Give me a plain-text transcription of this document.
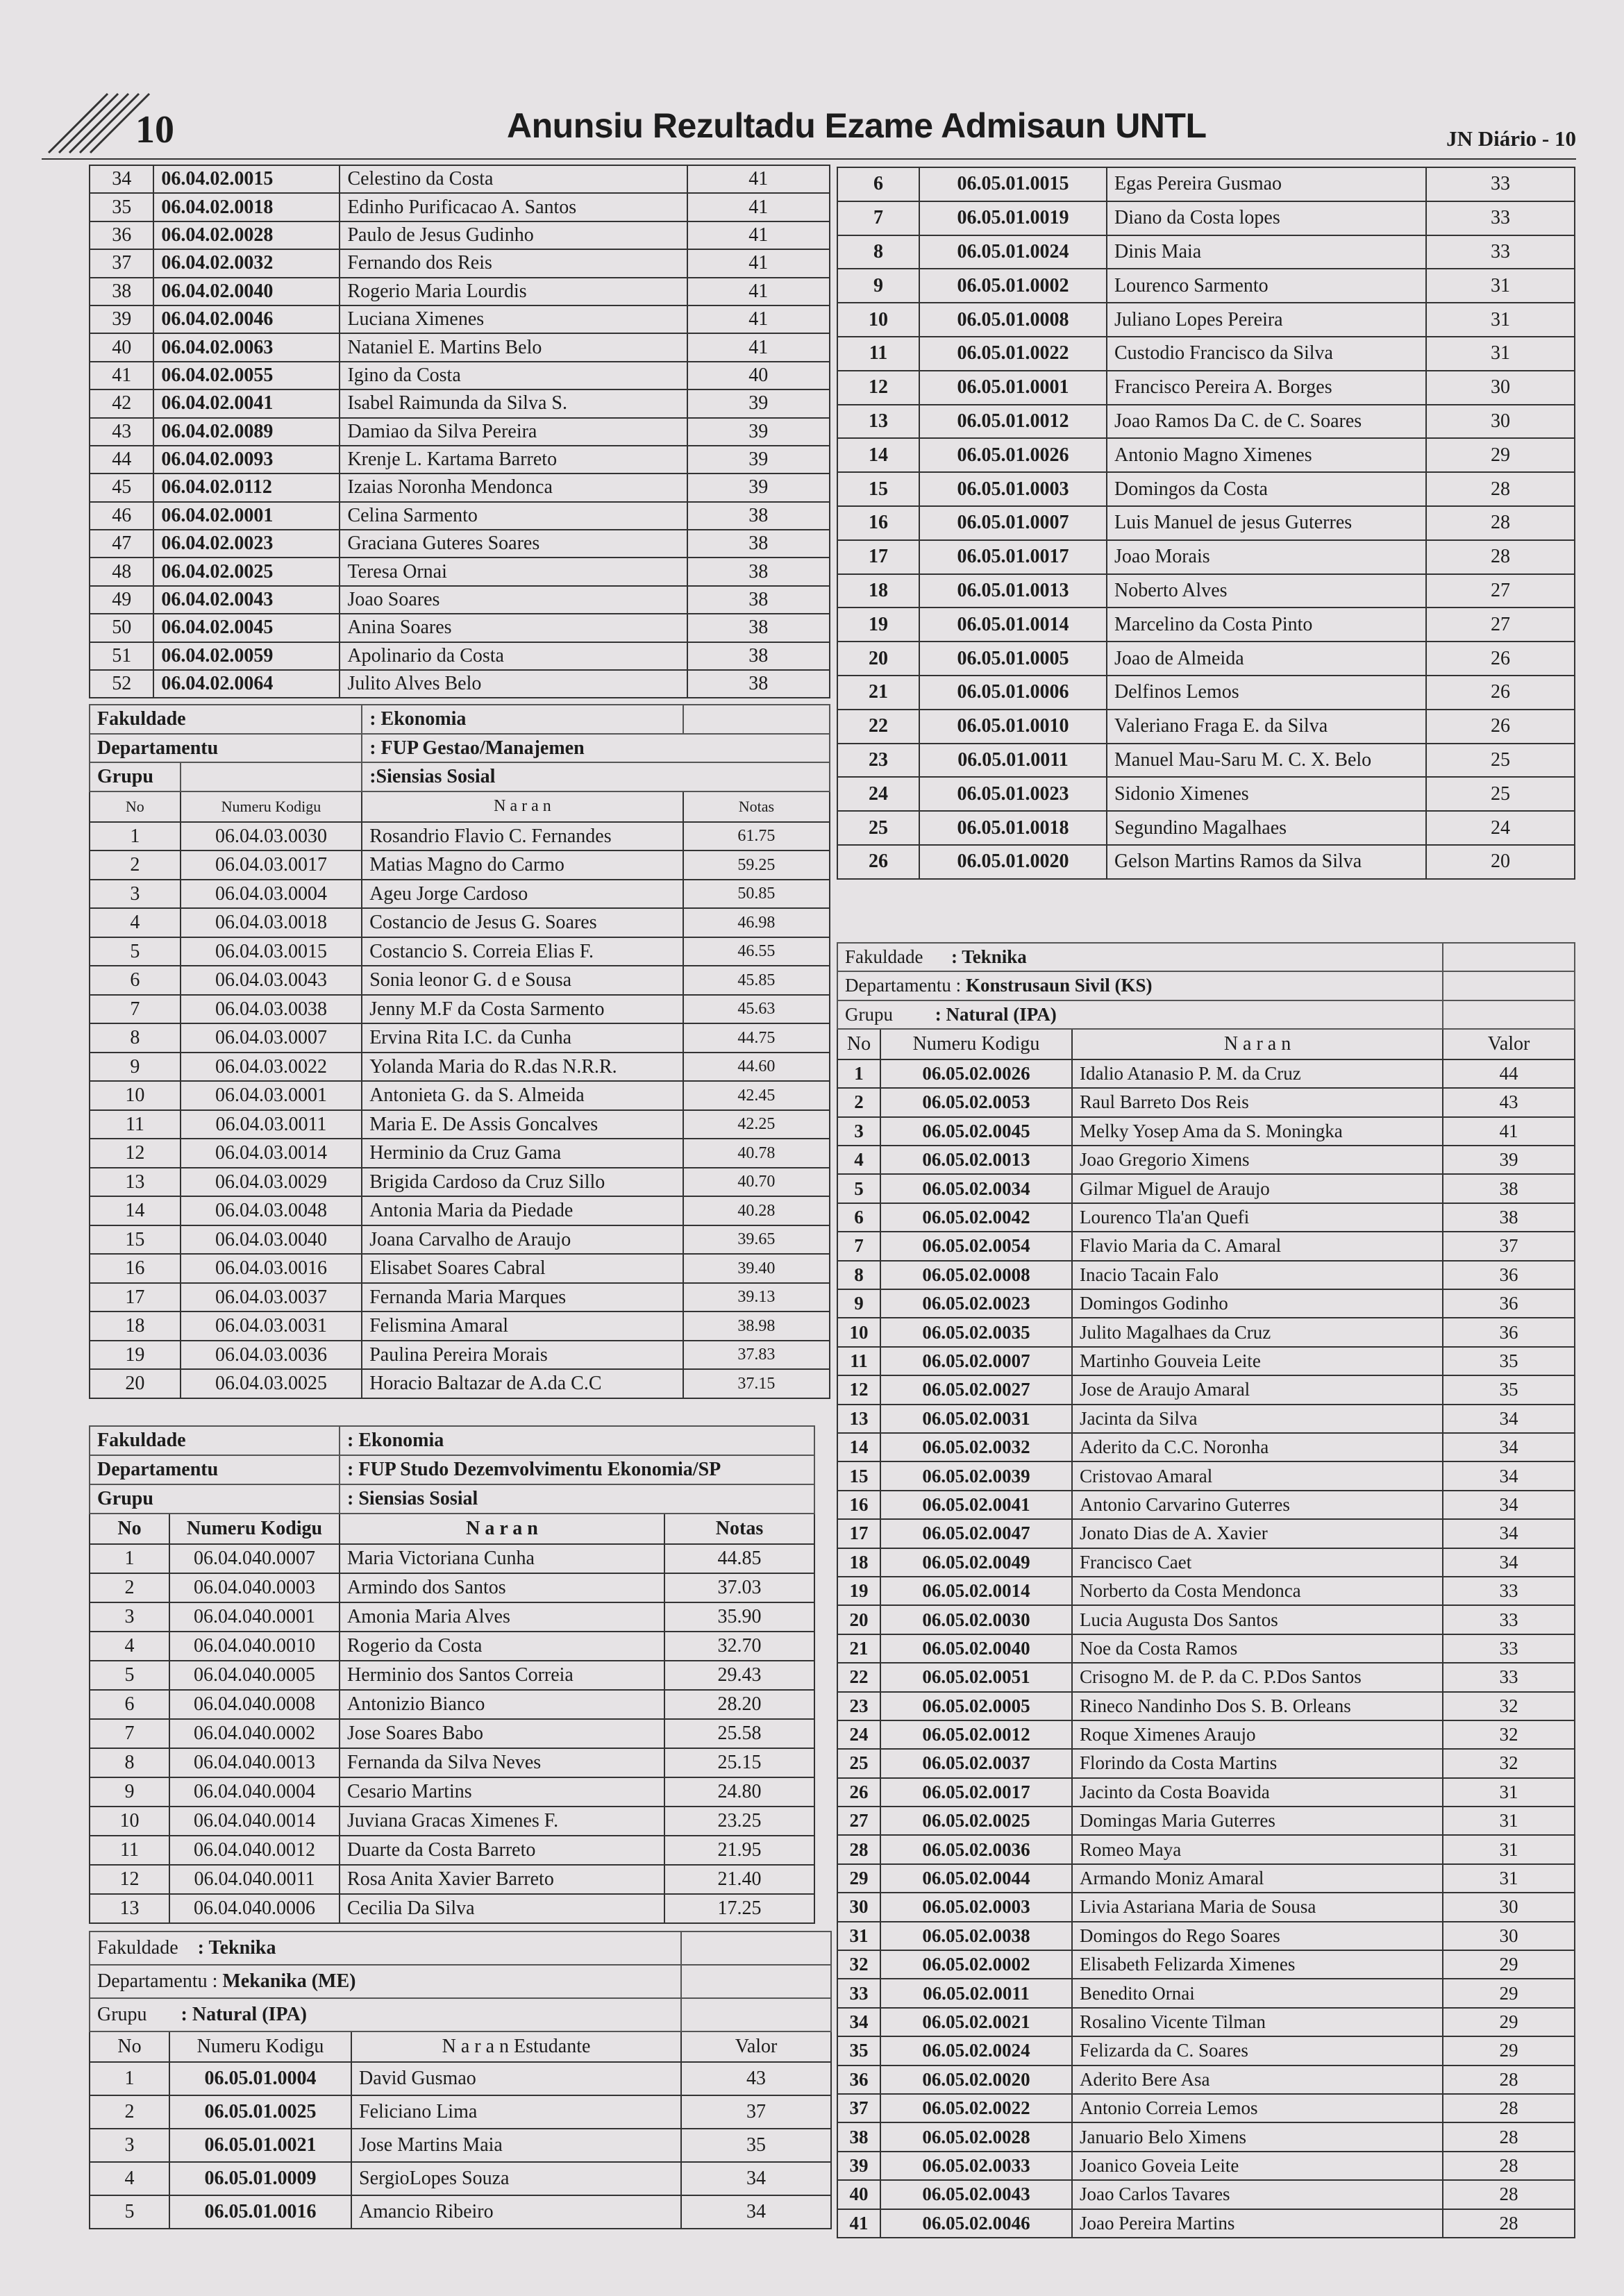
10	Anunsiu Rezultadu Ezame Admisaun UNTL	JN Diário - 10
34	06.04.02.0015	Celestino da Costa	41
35	06.04.02.0018	Edinho Purificacao A. Santos	41
36	06.04.02.0028	Paulo de Jesus Gudinho	41
37	06.04.02.0032	Fernando dos Reis	41
38	06.04.02.0040	Rogerio Maria Lourdis	41
39	06.04.02.0046	Luciana Ximenes	41
40	06.04.02.0063	Nataniel E. Martins Belo	41
41	06.04.02.0055	Igino da Costa	40
42	06.04.02.0041	Isabel Raimunda da Silva S.	39
43	06.04.02.0089	Damiao da Silva Pereira	39
44	06.04.02.0093	Krenje L. Kartama Barreto	39
45	06.04.02.0112	Izaias Noronha Mendonca	39
46	06.04.02.0001	Celina Sarmento	38
47	06.04.02.0023	Graciana Guteres Soares	38
48	06.04.02.0025	Teresa Ornai	38
49	06.04.02.0043	Joao Soares	38
50	06.04.02.0045	Anina Soares	38
51	06.04.02.0059	Apolinario da Costa	38
52	06.04.02.0064	Julito Alves Belo	38
Fakuldade		: Ekonomia	
Departamentu		: FUP Gestao/Manajemen	
Grupu		:Siensias Sosial	
No	Numeru Kodigu	N a r a n	Notas
1	06.04.03.0030	Rosandrio Flavio C. Fernandes	61.75
2	06.04.03.0017	Matias Magno do Carmo	59.25
3	06.04.03.0004	Ageu Jorge Cardoso	50.85
4	06.04.03.0018	Costancio de Jesus G. Soares	46.98
5	06.04.03.0015	Costancio S. Correia Elias F.	46.55
6	06.04.03.0043	Sonia leonor G. d e Sousa	45.85
7	06.04.03.0038	Jenny M.F da Costa Sarmento	45.63
8	06.04.03.0007	Ervina Rita I.C. da Cunha	44.75
9	06.04.03.0022	Yolanda Maria do R.das N.R.R.	44.60
10	06.04.03.0001	Antonieta G. da S. Almeida	42.45
11	06.04.03.0011	Maria E. De Assis Goncalves	42.25
12	06.04.03.0014	Herminio da Cruz Gama	40.78
13	06.04.03.0029	Brigida Cardoso da Cruz Sillo	40.70
14	06.04.03.0048	Antonia Maria da Piedade	40.28
15	06.04.03.0040	Joana Carvalho de Araujo	39.65
16	06.04.03.0016	Elisabet Soares Cabral	39.40
17	06.04.03.0037	Fernanda Maria Marques	39.13
18	06.04.03.0031	Felismina Amaral	38.98
19	06.04.03.0036	Paulina Pereira Morais	37.83
20	06.04.03.0025	Horacio Baltazar de A.da C.C	37.15
Fakuldade		: Ekonomia	
Departamentu		: FUP Studo Dezemvolvimentu Ekonomia/SP	
Grupu		: Siensias Sosial	
No	Numeru Kodigu	N a r a n	Notas
1	06.04.040.0007	Maria Victoriana Cunha	44.85
2	06.04.040.0003	Armindo dos Santos	37.03
3	06.04.040.0001	Amonia Maria Alves	35.90
4	06.04.040.0010	Rogerio da Costa	32.70
5	06.04.040.0005	Herminio dos Santos Correia	29.43
6	06.04.040.0008	Antonizio Bianco	28.20
7	06.04.040.0002	Jose Soares Babo	25.58
8	06.04.040.0013	Fernanda da Silva Neves	25.15
9	06.04.040.0004	Cesario Martins	24.80
10	06.04.040.0014	Juviana Gracas Ximenes F.	23.25
11	06.04.040.0012	Duarte da Costa Barreto	21.95
12	06.04.040.0011	Rosa Anita Xavier Barreto	21.40
13	06.04.040.0006	Cecilia Da Silva	17.25
Fakuldade : Teknika			
Departamentu : Mekanika (ME)			
Grupu : Natural (IPA)			
No	Numeru Kodigu	N a r a n Estudante	Valor
1	06.05.01.0004	David Gusmao	43
2	06.05.01.0025	Feliciano Lima	37
3	06.05.01.0021	Jose Martins Maia	35
4	06.05.01.0009	SergioLopes Souza	34
5	06.05.01.0016	Amancio Ribeiro	34
6	06.05.01.0015	Egas Pereira Gusmao	33
7	06.05.01.0019	Diano da Costa lopes	33
8	06.05.01.0024	Dinis Maia	33
9	06.05.01.0002	Lourenco Sarmento	31
10	06.05.01.0008	Juliano Lopes Pereira	31
11	06.05.01.0022	Custodio Francisco da Silva	31
12	06.05.01.0001	Francisco Pereira A. Borges	30
13	06.05.01.0012	Joao Ramos Da C. de C. Soares	30
14	06.05.01.0026	Antonio Magno Ximenes	29
15	06.05.01.0003	Domingos da Costa	28
16	06.05.01.0007	Luis Manuel de jesus Guterres	28
17	06.05.01.0017	Joao Morais	28
18	06.05.01.0013	Noberto Alves	27
19	06.05.01.0014	Marcelino da Costa Pinto	27
20	06.05.01.0005	Joao de Almeida	26
21	06.05.01.0006	Delfinos Lemos	26
22	06.05.01.0010	Valeriano Fraga E. da Silva	26
23	06.05.01.0011	Manuel Mau-Saru M. C. X. Belo	25
24	06.05.01.0023	Sidonio Ximenes	25
25	06.05.01.0018	Segundino Magalhaes	24
26	06.05.01.0020	Gelson Martins Ramos da Silva	20
Fakuldade : Teknika			
Departamentu : Konstrusaun Sivil (KS)			
Grupu : Natural (IPA)			
No	Numeru Kodigu	N a r a n	Valor
1	06.05.02.0026	Idalio Atanasio P. M. da Cruz	44
2	06.05.02.0053	Raul Barreto Dos Reis	43
3	06.05.02.0045	Melky Yosep Ama da S. Moningka	41
4	06.05.02.0013	Joao Gregorio Ximens	39
5	06.05.02.0034	Gilmar Miguel de Araujo	38
6	06.05.02.0042	Lourenco Tla'an Quefi	38
7	06.05.02.0054	Flavio Maria da C. Amaral	37
8	06.05.02.0008	Inacio Tacain Falo	36
9	06.05.02.0023	Domingos Godinho	36
10	06.05.02.0035	Julito Magalhaes da Cruz	36
11	06.05.02.0007	Martinho Gouveia Leite	35
12	06.05.02.0027	Jose de Araujo Amaral	35
13	06.05.02.0031	Jacinta da Silva	34
14	06.05.02.0032	Aderito da C.C. Noronha	34
15	06.05.02.0039	Cristovao Amaral	34
16	06.05.02.0041	Antonio Carvarino Guterres	34
17	06.05.02.0047	Jonato Dias de A. Xavier	34
18	06.05.02.0049	Francisco Caet	34
19	06.05.02.0014	Norberto da Costa Mendonca	33
20	06.05.02.0030	Lucia Augusta Dos Santos	33
21	06.05.02.0040	Noe da Costa Ramos	33
22	06.05.02.0051	Crisogno M. de P. da C. P.Dos Santos	33
23	06.05.02.0005	Rineco Nandinho Dos S. B. Orleans	32
24	06.05.02.0012	Roque Ximenes Araujo	32
25	06.05.02.0037	Florindo da Costa Martins	32
26	06.05.02.0017	Jacinto da Costa Boavida	31
27	06.05.02.0025	Domingas Maria Guterres	31
28	06.05.02.0036	Romeo Maya	31
29	06.05.02.0044	Armando Moniz Amaral	31
30	06.05.02.0003	Livia Astariana Maria de Sousa	30
31	06.05.02.0038	Domingos do Rego Soares	30
32	06.05.02.0002	Elisabeth Felizarda Ximenes	29
33	06.05.02.0011	Benedito Ornai	29
34	06.05.02.0021	Rosalino Vicente Tilman	29
35	06.05.02.0024	Felizarda da C. Soares	29
36	06.05.02.0020	Aderito Bere Asa	28
37	06.05.02.0022	Antonio Correia Lemos	28
38	06.05.02.0028	Januario Belo Ximens	28
39	06.05.02.0033	Joanico Goveia Leite	28
40	06.05.02.0043	Joao Carlos Tavares	28
41	06.05.02.0046	Joao Pereira Martins	28
